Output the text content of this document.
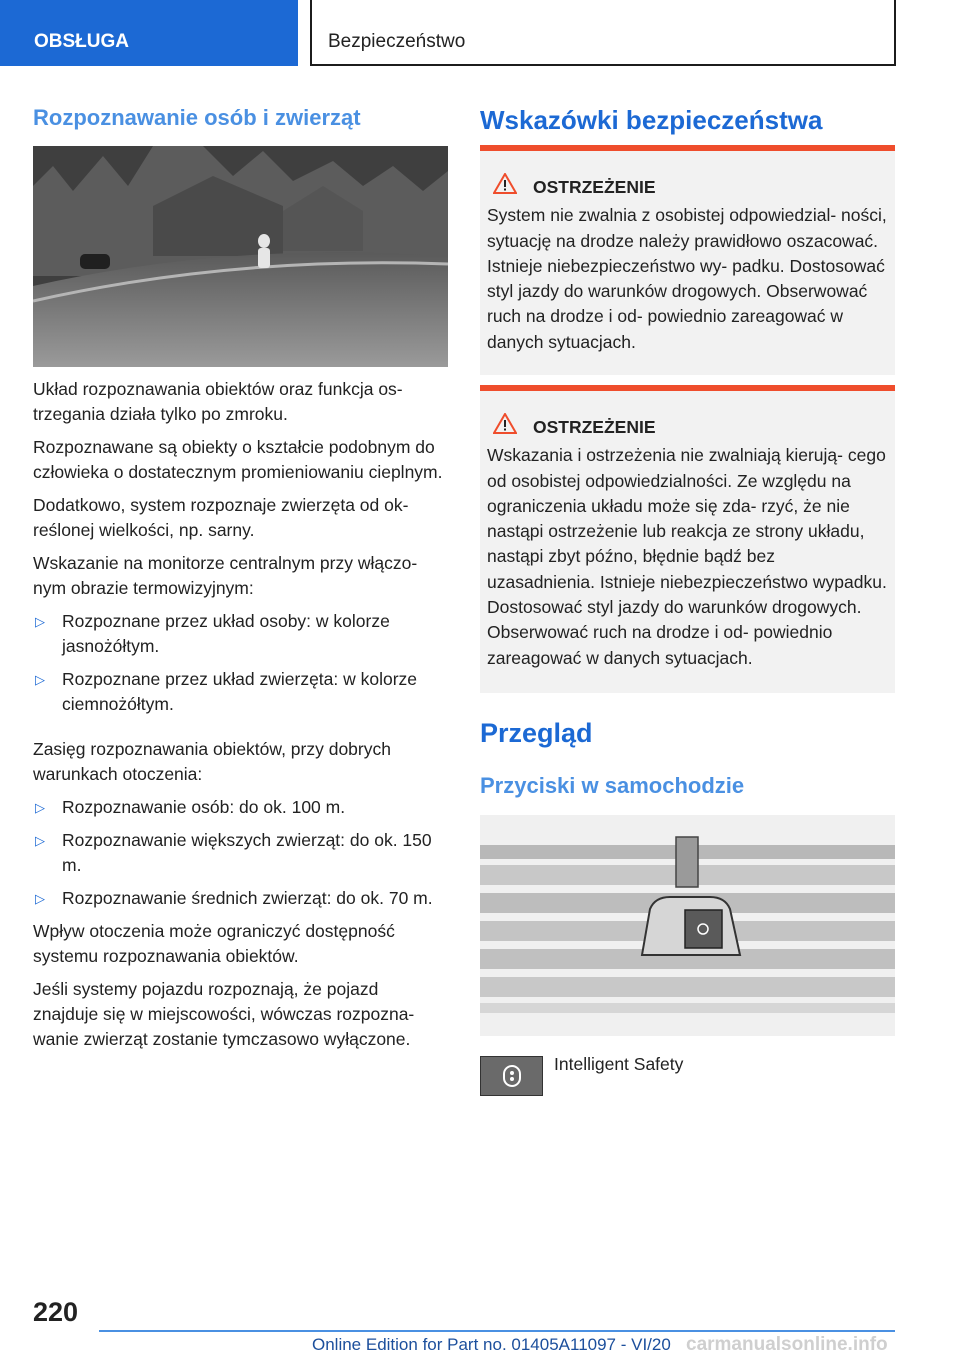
OBSŁUGA	Bezpieczeństwo
Rozpoznawanie osób i zwierząt

Układ rozpoznawania obiektów oraz funkcja os- trzegania działa tylko po zmroku.

Rozpoznawane są obiekty o kształcie podobnym do człowieka o dostatecznym promieniowaniu cieplnym.

Dodatkowo, system rozpoznaje zwierzęta od ok- reślonej wielkości, np. sarny.

Wskazanie na monitorze centralnym przy włączo- nym obrazie termowizyjnym:

▷ Rozpoznane przez układ osoby: w kolorze jasnożółtym.
▷ Rozpoznane przez układ zwierzęta: w kolorze ciemnożółtym.

Zasięg rozpoznawania obiektów, przy dobrych warunkach otoczenia:

▷ Rozpoznawanie osób: do ok. 100 m.
▷ Rozpoznawanie większych zwierząt: do ok. 150 m.
▷ Rozpoznawanie średnich zwierząt: do ok. 70 m.

Wpływ otoczenia może ograniczyć dostępność systemu rozpoznawania obiektów.

Jeśli systemy pojazdu rozpoznają, że pojazd znajduje się w miejscowości, wówczas rozpozna- wanie zwierząt zostanie tymczasowo wyłączone.

Wskazówki bezpieczeństwa
OSTRZEŻENIE
System nie zwalnia z osobistej odpowiedzial- ności, sytuację na drodze należy prawidłowo oszacować. Istnieje niebezpieczeństwo wy- padku. Dostosować styl jazdy do warunków drogowych. Obserwować ruch na drodze i od- powiednio zareagować w danych sytuacjach.
OSTRZEŻENIE
Wskazania i ostrzeżenia nie zwalniają kierują- cego od osobistej odpowiedzialności. Ze względu na ograniczenia układu może się zda- rzyć, że nie nastąpi ostrzeżenie lub reakcja ze strony układu, nastąpi zbyt późno, błędnie bądź bez uzasadnienia. Istnieje niebezpieczeństwo wypadku. Dostosować styl jazdy do warunków drogowych. Obserwować ruch na drodze i od- powiednio zareagować w danych sytuacjach.
Przegląd
Przyciski w samochodzie
Intelligent Safety
220
Online Edition for Part no. 01405A11097 - VI/20 carmanualsonline.info
